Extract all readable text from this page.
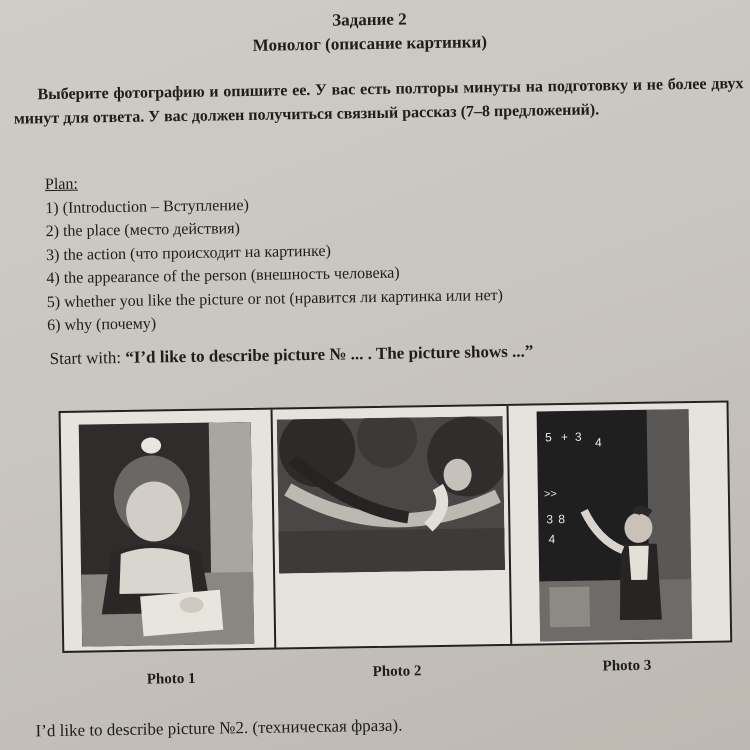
Задание 2
Монолог (описание картинки)
Выберите фотографию и опишите ее. У вас есть полторы минуты на подготовку и не более двух минут для ответа. У вас должен получиться связный рассказ (7–8 предложений).
Plan:
1) (Introduction – Вступление)
2) the place (место действия)
3) the action (что происходит на картинке)
4) the appearance of the person (внешность человека)
5) whether you like the picture or not (нравится ли картинка или нет)
6) why (почему)
Start with: “I’d like to describe picture № ... . The picture shows ...”
5 + 3 4
>>
3 8
4
Photo 1	Photo 2	Photo 3
I’d like to describe picture №2. (техническая фраза).
